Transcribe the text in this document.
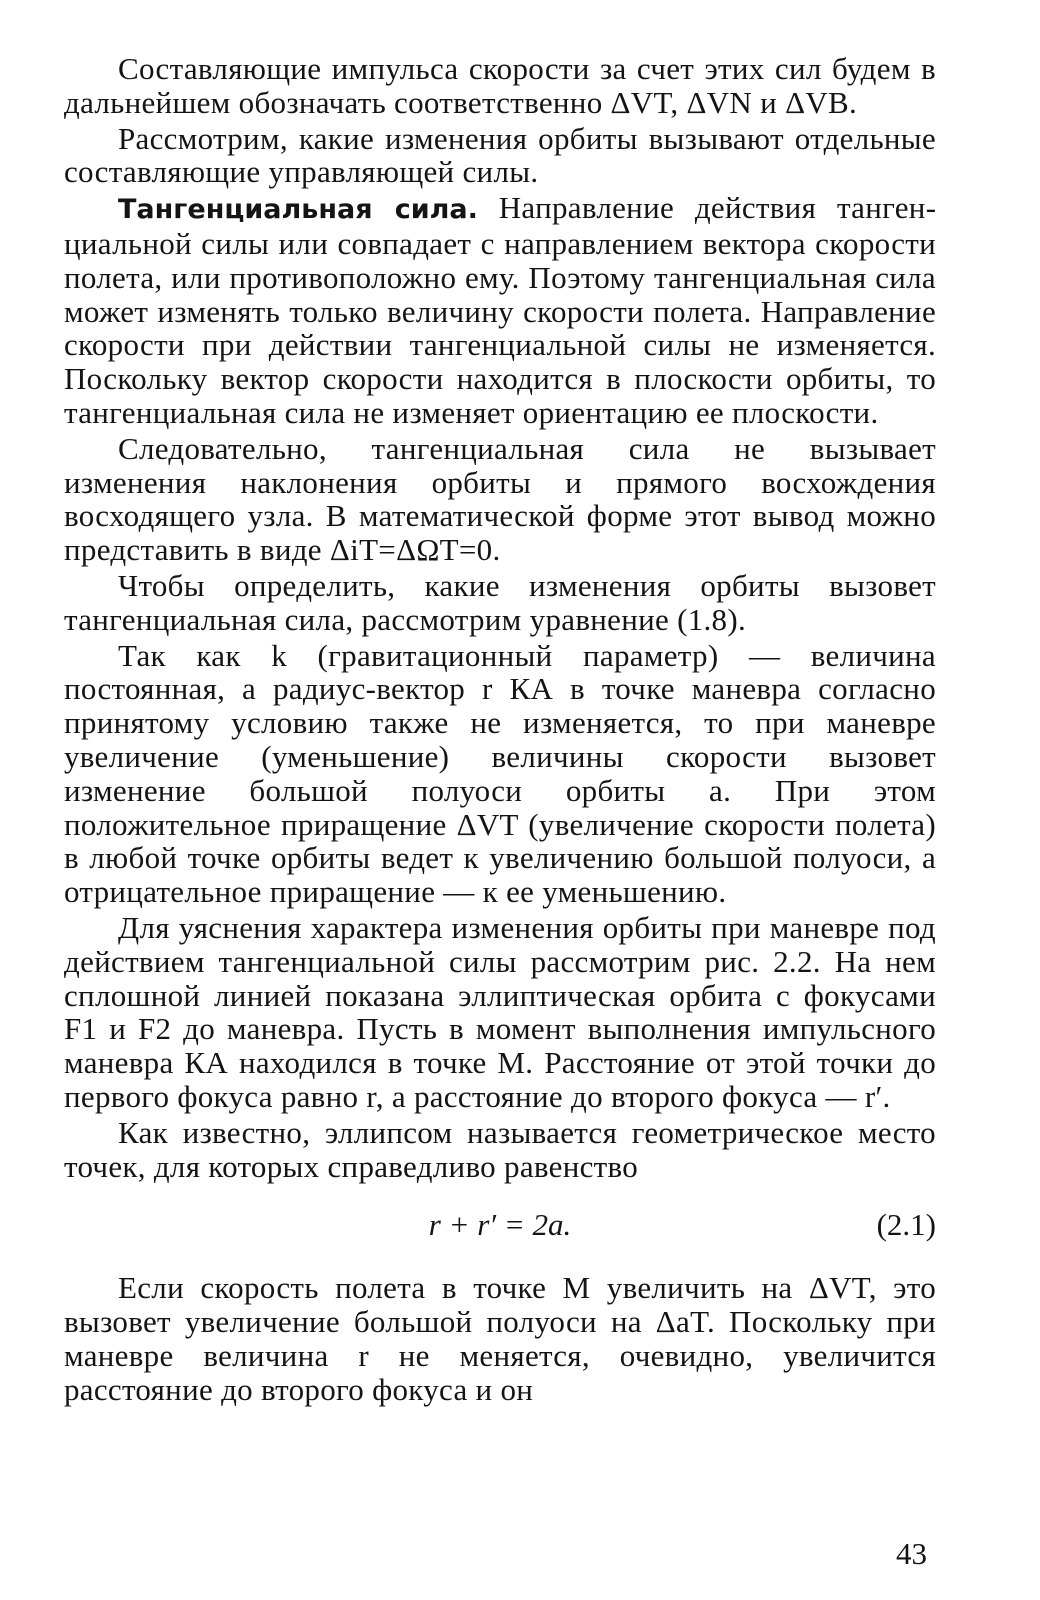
Составляющие импульса скорости за счет этих сил будем в дальнейшем обозначать соответственно ΔVT, ΔVN и ΔVB.

Рассмотрим, какие изменения орбиты вызывают отдельные составляющие управляющей силы.

Тангенциальная сила. Направление действия тангенциальной силы или совпадает с направлением вектора скорости полета, или противоположно ему. Поэтому тангенциальная сила может изменять только величину скорости полета. Направление скорости при действии тангенциальной силы не изменяется. Поскольку вектор скорости находится в плоскости орбиты, то тангенциальная сила не изменяет ориентацию ее плоскости.

Следовательно, тангенциальная сила не вызывает изменения наклонения орбиты и прямого восхождения восходящего узла. В математической форме этот вывод можно представить в виде ΔiT=ΔΩT=0.

Чтобы определить, какие изменения орбиты вызовет тангенциальная сила, рассмотрим уравнение (1.8).

Так как k (гравитационный параметр) — величина постоянная, а радиус-вектор r КА в точке маневра согласно принятому условию также не изменяется, то при маневре увеличение (уменьшение) величины скорости вызовет изменение большой полуоси орбиты a. При этом положительное приращение ΔVT (увеличение скорости полета) в любой точке орбиты ведет к увеличению большой полуоси, а отрицательное приращение — к ее уменьшению.

Для уяснения характера изменения орбиты при маневре под действием тангенциальной силы рассмотрим рис. 2.2. На нем сплошной линией показана эллиптическая орбита с фокусами F1 и F2 до маневра. Пусть в момент выполнения импульсного маневра КА находился в точке M. Расстояние от этой точки до первого фокуса равно r, а расстояние до второго фокуса — r′.

Как известно, эллипсом называется геометрическое место точек, для которых справедливо равенство

r + r′ = 2a.	(2.1)

Если скорость полета в точке M увеличить на ΔVT, это вызовет увеличение большой полуоси на ΔaT. Поскольку при маневре величина r не меняется, очевидно, увеличится расстояние до второго фокуса и он

43
